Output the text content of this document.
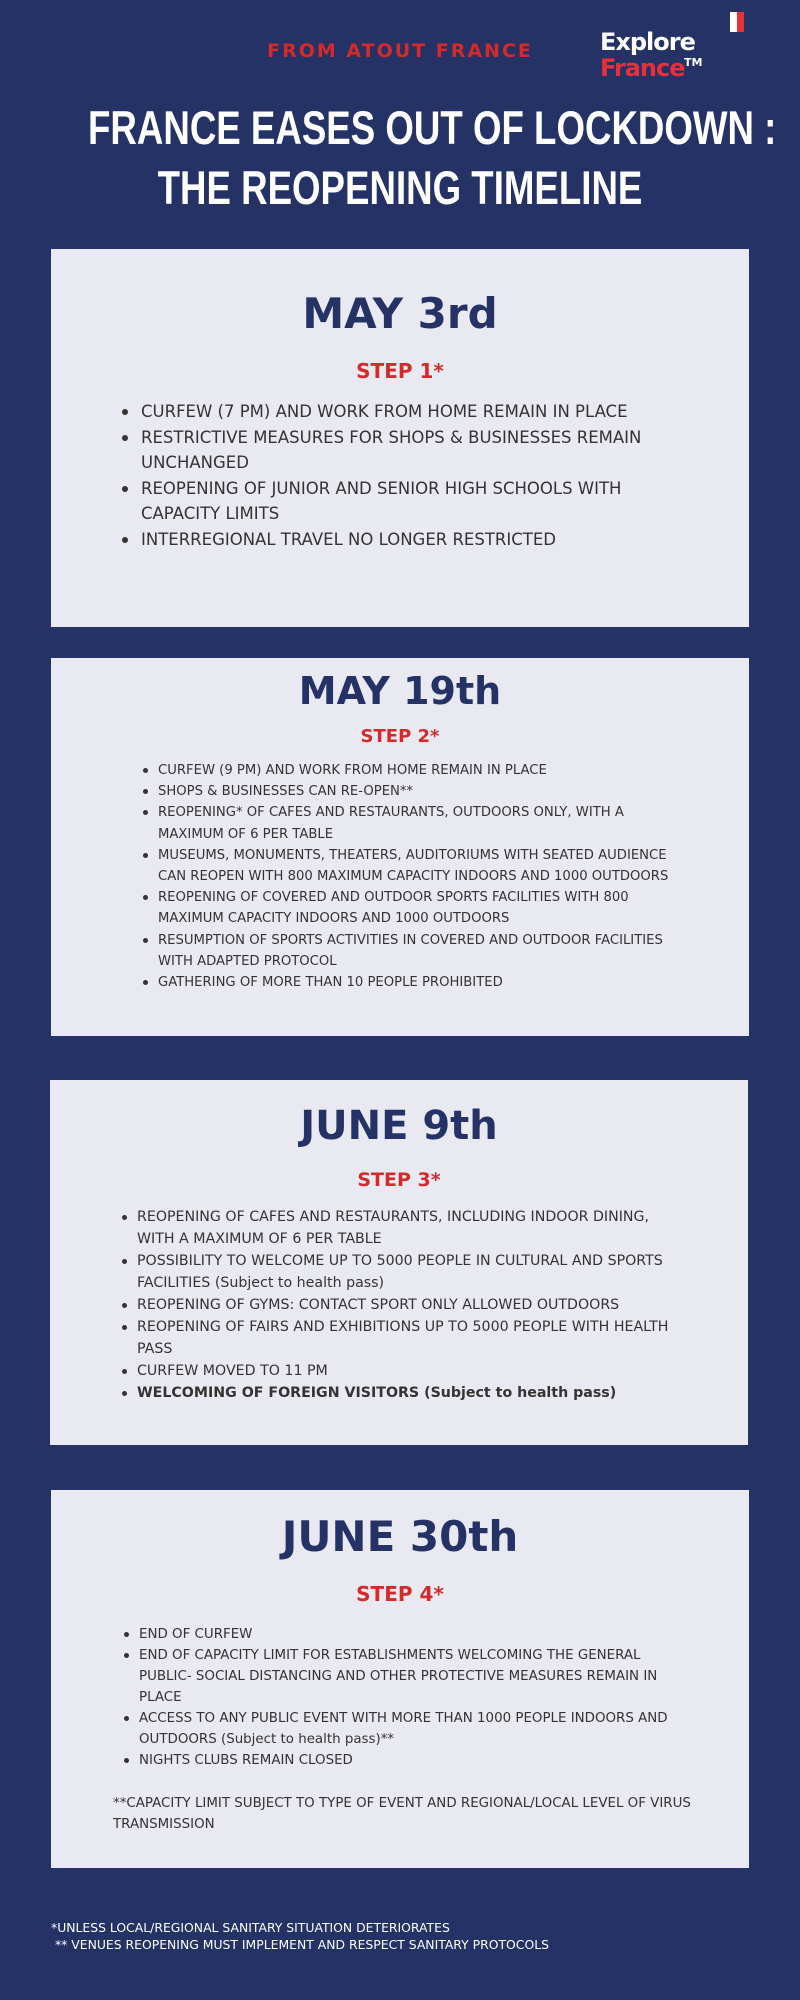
FROM ATOUT FRANCE	Explore
France TM
FRANCE EASES OUT OF LOCKDOWN :
THE REOPENING TIMELINE
MAY 3rd
STEP 1*
CURFEW (7 PM) AND WORK FROM HOME REMAIN IN PLACE
RESTRICTIVE MEASURES FOR SHOPS & BUSINESSES REMAIN UNCHANGED
REOPENING OF JUNIOR AND SENIOR HIGH SCHOOLS WITH CAPACITY LIMITS
INTERREGIONAL TRAVEL NO LONGER RESTRICTED
MAY 19th
STEP 2*
CURFEW (9 PM) AND WORK FROM HOME REMAIN IN PLACE
SHOPS & BUSINESSES CAN RE-OPEN**
REOPENING* OF CAFES AND RESTAURANTS, OUTDOORS ONLY, WITH A MAXIMUM OF 6 PER TABLE
MUSEUMS, MONUMENTS, THEATERS, AUDITORIUMS WITH SEATED AUDIENCE CAN REOPEN WITH 800 MAXIMUM CAPACITY INDOORS AND 1000 OUTDOORS
REOPENING OF COVERED AND OUTDOOR SPORTS FACILITIES WITH 800 MAXIMUM CAPACITY INDOORS AND 1000 OUTDOORS
RESUMPTION OF SPORTS ACTIVITIES IN COVERED AND OUTDOOR FACILITIES WITH ADAPTED PROTOCOL
GATHERING OF MORE THAN 10 PEOPLE PROHIBITED
JUNE 9th
STEP 3*
REOPENING OF CAFES AND RESTAURANTS, INCLUDING INDOOR DINING, WITH A MAXIMUM OF 6 PER TABLE
POSSIBILITY TO WELCOME UP TO 5000 PEOPLE IN CULTURAL AND SPORTS FACILITIES (Subject to health pass)
REOPENING OF GYMS: CONTACT SPORT ONLY ALLOWED OUTDOORS
REOPENING OF FAIRS AND EXHIBITIONS UP TO 5000 PEOPLE WITH HEALTH PASS
CURFEW MOVED TO 11 PM
WELCOMING OF FOREIGN VISITORS (Subject to health pass)
JUNE 30th
STEP 4*
END OF CURFEW
END OF CAPACITY LIMIT FOR ESTABLISHMENTS WELCOMING THE GENERAL PUBLIC- SOCIAL DISTANCING AND OTHER PROTECTIVE MEASURES REMAIN IN PLACE
ACCESS TO ANY PUBLIC EVENT WITH MORE THAN 1000 PEOPLE INDOORS AND OUTDOORS (Subject to health pass)**
NIGHTS CLUBS REMAIN CLOSED
**CAPACITY LIMIT SUBJECT TO TYPE OF EVENT AND REGIONAL/LOCAL LEVEL OF VIRUS TRANSMISSION
*UNLESS LOCAL/REGIONAL SANITARY SITUATION DETERIORATES
** VENUES REOPENING MUST IMPLEMENT AND RESPECT SANITARY PROTOCOLS
